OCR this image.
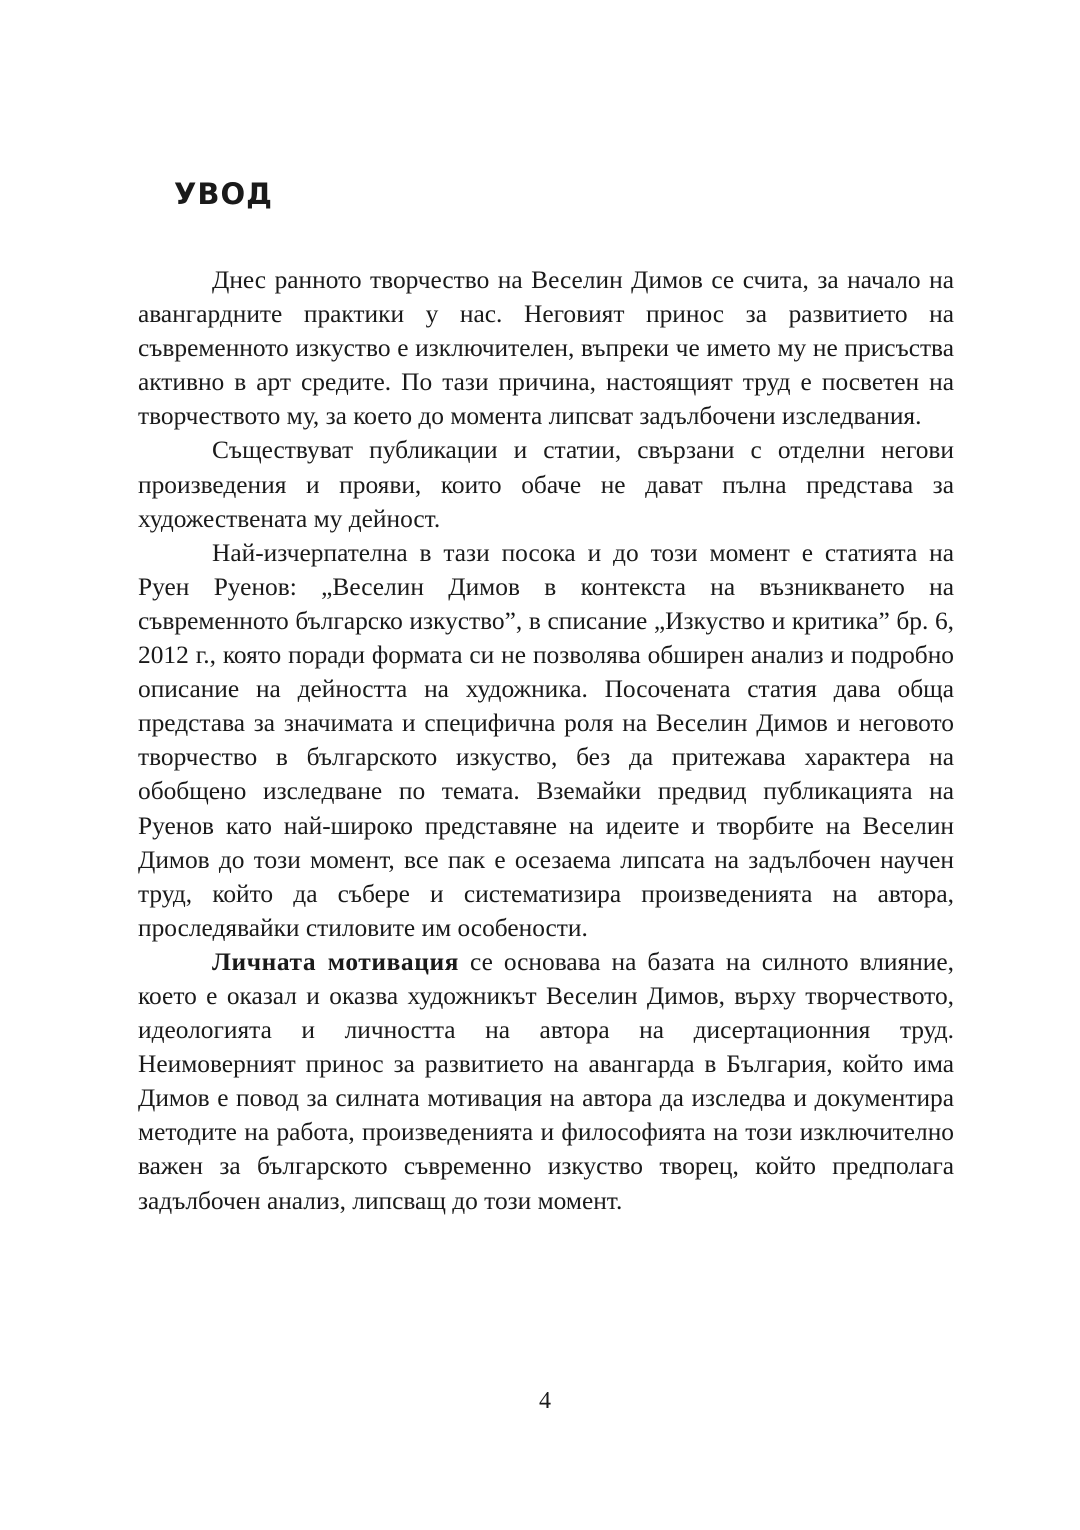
УВОД

Днес ранното творчество на Веселин Димов се счита, за начало на авангардните практики у нас. Неговият принос за развитието на съвременното изкуство е изключителен, въпреки че името му не присъства активно в арт средите. По тази причина, настоящият труд е посветен на творчеството му, за което до момента липсват задълбочени изследвания.

Съществуват публикации и статии, свързани с отделни негови произведения и прояви, които обаче не дават пълна представа за художествената му дейност.

Най-изчерпателна в тази посока и до този момент е статията на Руен Руенов: „Веселин Димов в контекста на възникването на съвременното българско изкуство”, в списание „Изкуство и критика” бр. 6, 2012 г., която поради формата си не позволява обширен анализ и подробно описание на дейността на художника. Посочената статия дава обща представа за значимата и специфична роля на Веселин Димов и неговото творчество в българското изкуство, без да притежава характера на обобщено изследване по темата. Вземайки предвид публикацията на Руенов като най-широко представяне на идеите и творбите на Веселин Димов до този момент, все пак е осезаема липсата на задълбочен научен труд, който да събере и систематизира произведенията на автора, проследявайки стиловите им особености.

Личната мотивация се основава на базата на силното влияние, което е оказал и оказва художникът Веселин Димов, върху творчеството, идеологията и личността на автора на дисертационния труд. Неимоверният принос за развитието на авангарда в България, който има Димов е повод за силната мотивация на автора да изследва и документира методите на работа, произведенията и философията на този изключително важен за българското съвременно изкуство творец, който предполага задълбочен анализ, липсващ до този момент.

4
